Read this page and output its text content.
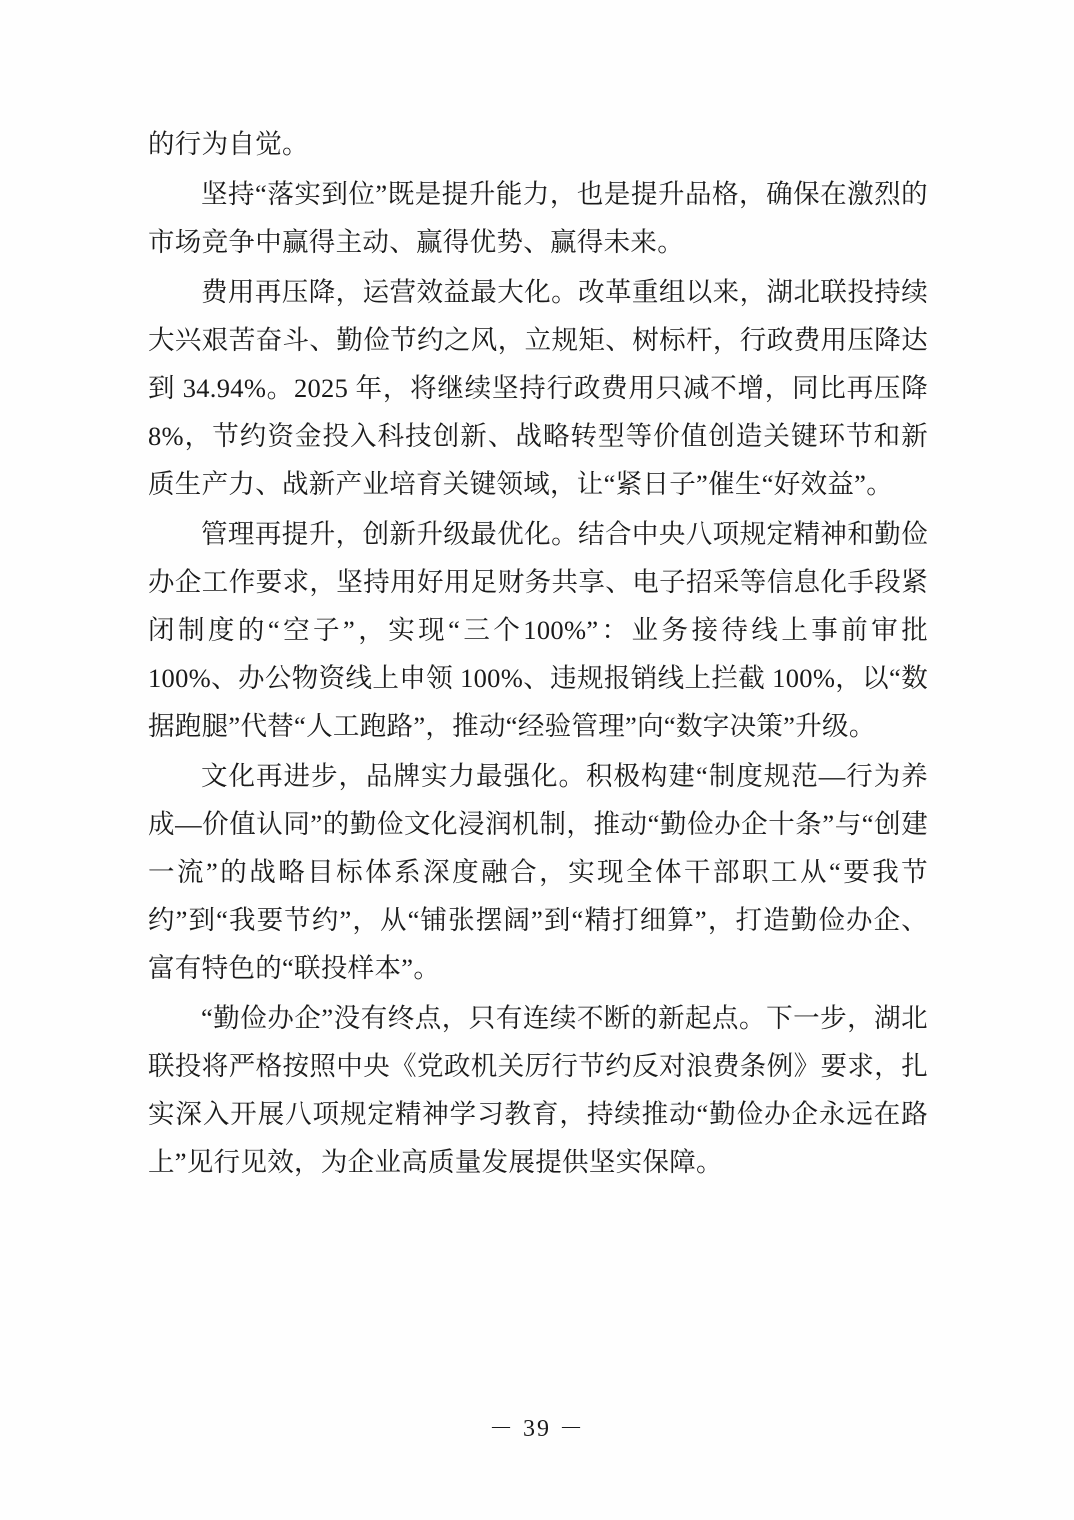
的行为自觉。

坚持“落实到位”既是提升能力，也是提升品格，确保在激烈的市场竞争中赢得主动、赢得优势、赢得未来。

费用再压降，运营效益最大化。改革重组以来，湖北联投持续大兴艰苦奋斗、勤俭节约之风，立规矩、树标杆，行政费用压降达到 34.94%。2025 年，将继续坚持行政费用只减不增，同比再压降 8%，节约资金投入科技创新、战略转型等价值创造关键环节和新质生产力、战新产业培育关键领域，让“紧日子”催生“好效益”。

管理再提升，创新升级最优化。结合中央八项规定精神和勤俭办企工作要求，坚持用好用足财务共享、电子招采等信息化手段紧闭制度的“空子”，实现“三个100%”：业务接待线上事前审批 100%、办公物资线上申领 100%、违规报销线上拦截 100%，以“数据跑腿”代替“人工跑路”，推动“经验管理”向“数字决策”升级。

文化再进步，品牌实力最强化。积极构建“制度规范—行为养成—价值认同”的勤俭文化浸润机制，推动“勤俭办企十条”与“创建一流”的战略目标体系深度融合，实现全体干部职工从“要我节约”到“我要节约”，从“铺张摆阔”到“精打细算”，打造勤俭办企、富有特色的“联投样本”。

“勤俭办企”没有终点，只有连续不断的新起点。下一步，湖北联投将严格按照中央《党政机关厉行节约反对浪费条例》要求，扎实深入开展八项规定精神学习教育，持续推动“勤俭办企永远在路上”见行见效，为企业高质量发展提供坚实保障。

－ 39 －
